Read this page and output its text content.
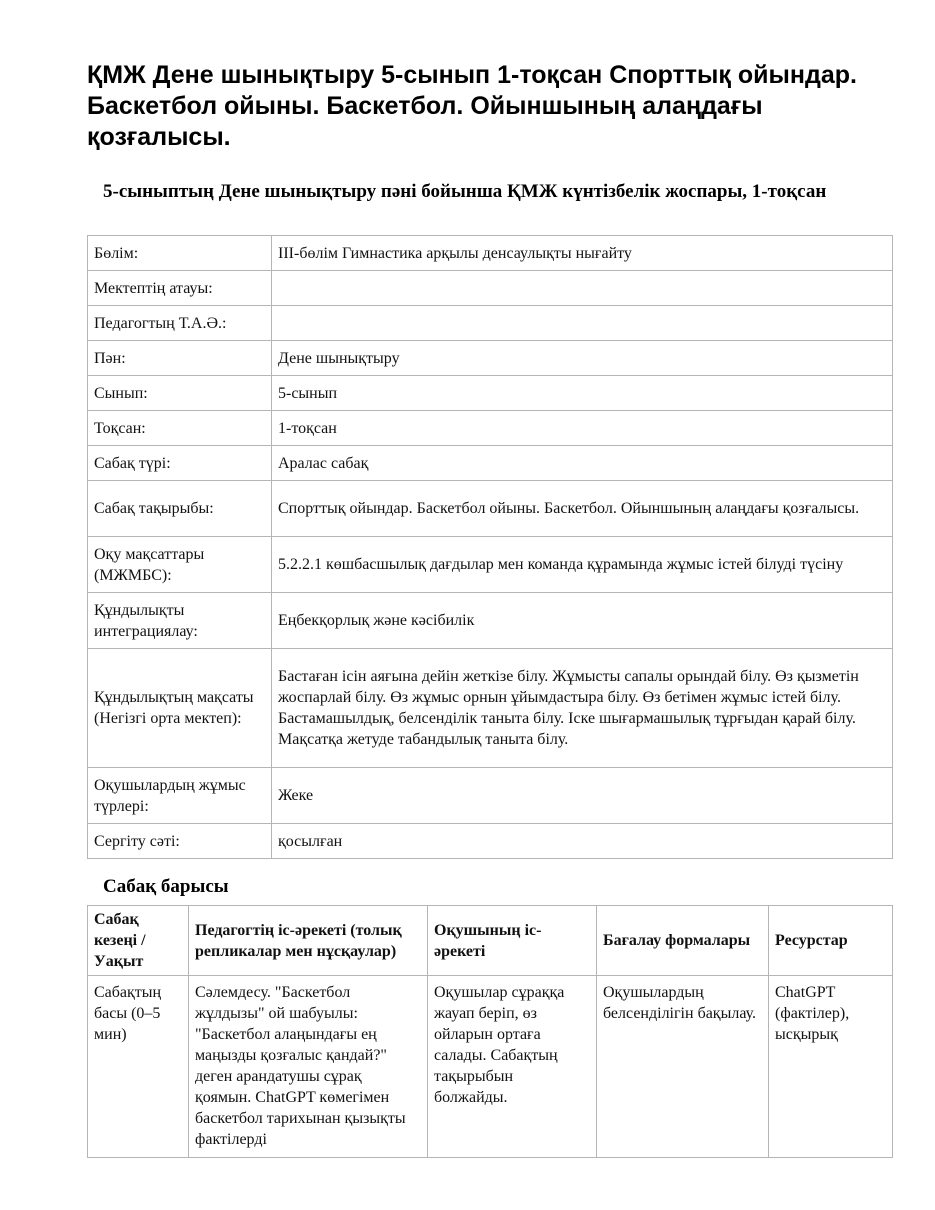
ҚМЖ Дене шынықтыру 5-сынып 1-тоқсан Спорттық ойындар. Баскетбол ойыны. Баскетбол. Ойыншының алаңдағы қозғалысы.

5-сыныптың Дене шынықтыру пәні бойынша ҚМЖ күнтізбелік жоспары, 1-тоқсан

Бөлім:	ІІІ-бөлім Гимнастика арқылы денсаулықты нығайту
Мектептің атауы:	
Педагогтың Т.А.Ә.:	
Пән:	Дене шынықтыру
Сынып:	5-сынып
Тоқсан:	1-тоқсан
Сабақ түрі:	Аралас сабақ
Сабақ тақырыбы:	Спорттық ойындар. Баскетбол ойыны. Баскетбол. Ойыншының алаңдағы қозғалысы.
Оқу мақсаттары (МЖМБС):	5.2.2.1 көшбасшылық дағдылар мен команда құрамында жұмыс істей білуді түсіну
Құндылықты интеграциялау:	Еңбекқорлық және кәсібилік
Құндылықтың мақсаты (Негізгі орта мектеп):	Бастаған ісін аяғына дейін жеткізе білу. Жұмысты сапалы орындай білу. Өз қызметін жоспарлай білу. Өз жұмыс орнын ұйымдастыра білу. Өз бетімен жұмыс істей білу. Бастамашылдық, белсенділік таныта білу. Іске шығармашылық тұрғыдан қарай білу. Мақсатқа жетуде табандылық таныта білу.
Оқушылардың жұмыс түрлері:	Жеке
Сергіту сәті:	қосылған

Сабақ барысы

Сабақ кезеңі / Уақыт	Педагогтің іс-әрекеті (толық репликалар мен нұсқаулар)	Оқушының іс-әрекеті	Бағалау формалары	Ресурстар
Сабақтың басы (0–5 мин)	Сәлемдесу. "Баскетбол жұлдызы" ой шабуылы: "Баскетбол алаңындағы ең маңызды қозғалыс қандай?" деген арандатушы сұрақ қоямын. ChatGPT көмегімен баскетбол тарихынан қызықты фактілерді	Оқушылар сұраққа жауап беріп, өз ойларын ортаға салады. Сабақтың тақырыбын болжайды.	Оқушылардың белсенділігін бақылау.	ChatGPT (фактілер), ысқырық
